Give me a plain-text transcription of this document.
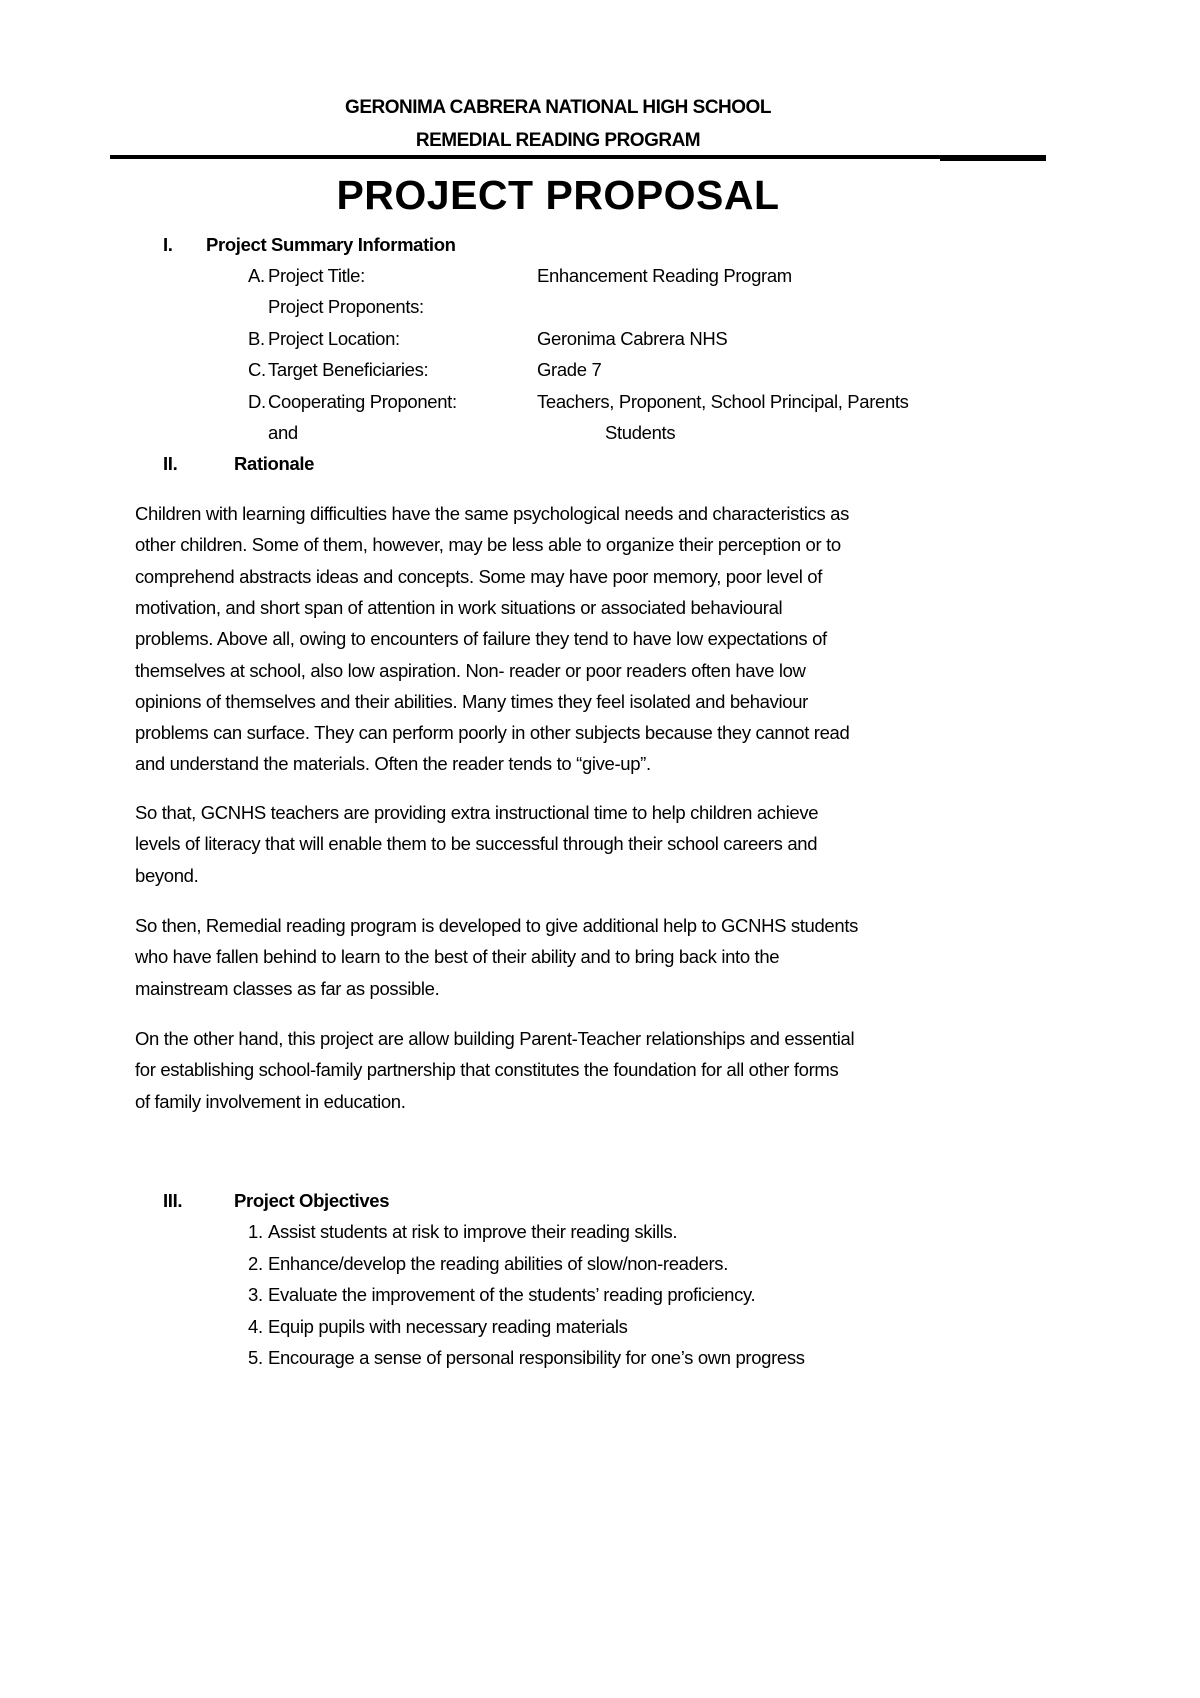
GERONIMA CABRERA NATIONAL HIGH SCHOOL
REMEDIAL READING PROGRAM
PROJECT PROPOSAL
I. Project Summary Information
A. Project Title:	Enhancement Reading Program
Project Proponents:
B. Project Location:	Geronima Cabrera NHS
C. Target Beneficiaries:	Grade 7
D. Cooperating Proponent:	Teachers, Proponent, School Principal, Parents
and	Students
II.	Rationale
Children with learning difficulties have the same psychological needs and characteristics as
other children. Some of them, however, may be less able to organize their perception or to
comprehend abstracts ideas and concepts. Some may have poor memory, poor level of
motivation, and short span of attention in work situations or associated behavioural
problems. Above all, owing to encounters of failure they tend to have low expectations of
themselves at school, also low aspiration. Non- reader or poor readers often have low
opinions of themselves and their abilities. Many times they feel isolated and behaviour
problems can surface. They can perform poorly in other subjects because they cannot read
and understand the materials. Often the reader tends to “give-up”.
So that, GCNHS teachers are providing extra instructional time to help children achieve
levels of literacy that will enable them to be successful through their school careers and
beyond.
So then, Remedial reading program is developed to give additional help to GCNHS students
who have fallen behind to learn to the best of their ability and to bring back into the
mainstream classes as far as possible.
On the other hand, this project are allow building Parent-Teacher relationships and essential
for establishing school-family partnership that constitutes the foundation for all other forms
of family involvement in education.
III.	Project Objectives
1. Assist students at risk to improve their reading skills.
2. Enhance/develop the reading abilities of slow/non-readers.
3. Evaluate the improvement of the students’ reading proficiency.
4. Equip pupils with necessary reading materials
5. Encourage a sense of personal responsibility for one’s own progress
